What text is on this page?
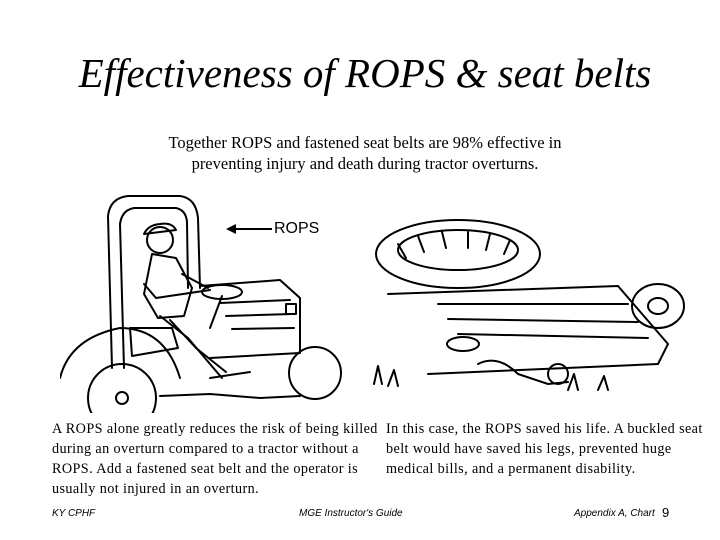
Effectiveness of ROPS & seat belts
Together ROPS and fastened seat belts are 98% effective in
preventing injury and death during tractor overturns.
ROPS
A ROPS alone greatly reduces the risk of being killed during an overturn compared to a tractor without a ROPS. Add a fastened seat belt and the operator is usually not injured in an overturn.
In this case, the ROPS saved his life. A buckled seat belt would have saved his legs, prevented huge medical bills, and a permanent disability.
KY CPHF	MGE Instructor's Guide	Appendix A, Chart 9
